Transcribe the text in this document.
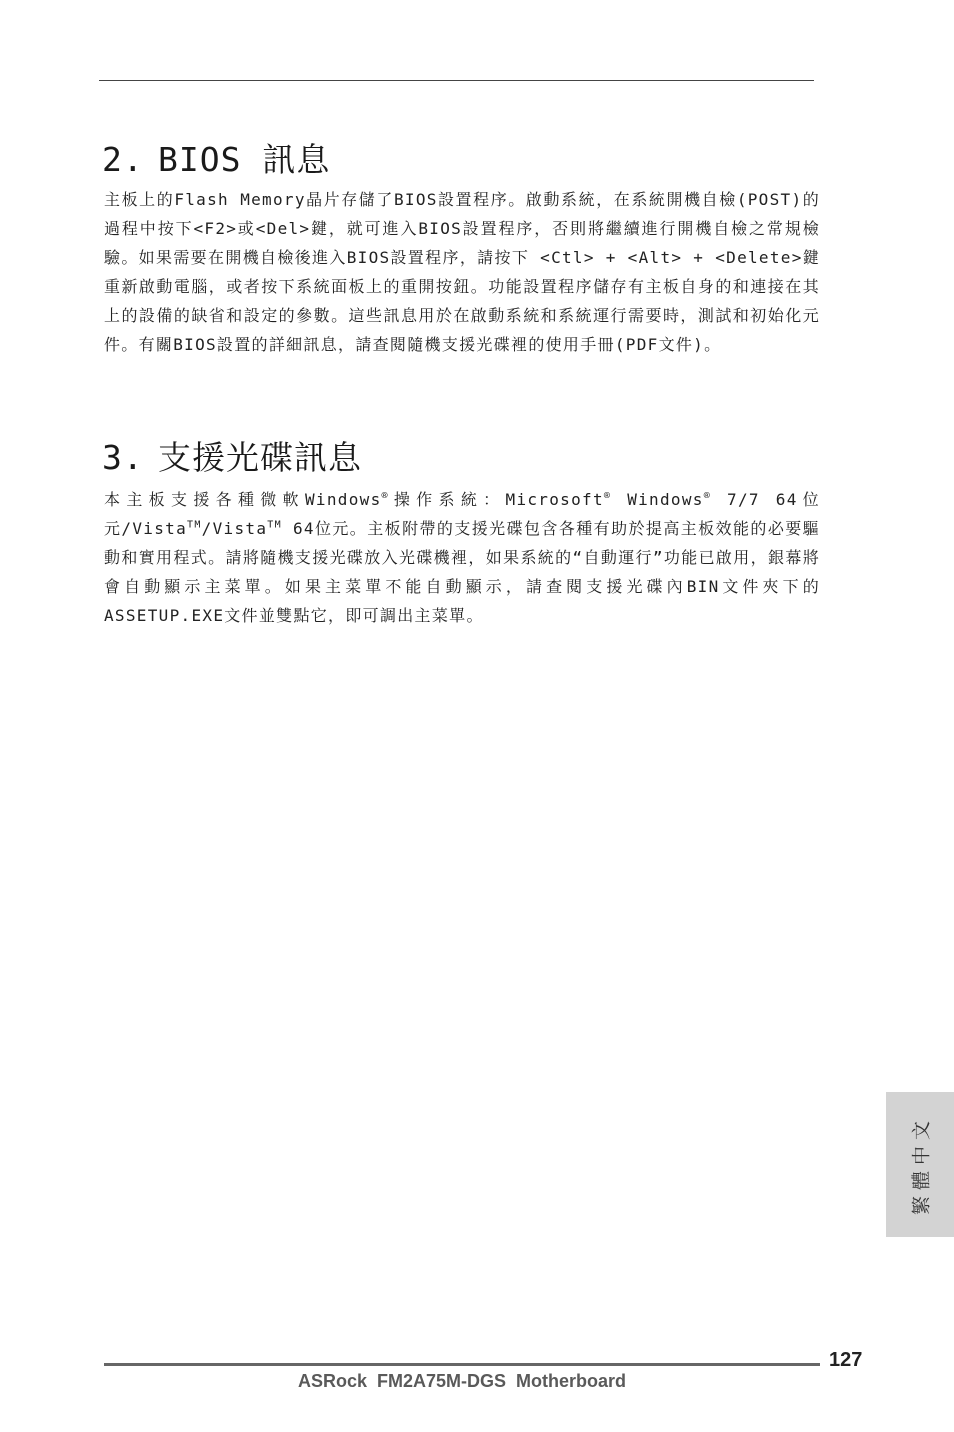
2. BIOS 訊息

主板上的Flash Memory晶片存儲了BIOS設置程序。啟動系統，在系統開機自檢(POST)的過程中按下<F2>或<Del>鍵，就可進入BIOS設置程序，否則將繼續進行開機自檢之常規檢驗。如果需要在開機自檢後進入BIOS設置程序，請按下 <Ctl> + <Alt> + <Delete>鍵重新啟動電腦，或者按下系統面板上的重開按鈕。功能設置程序儲存有主板自身的和連接在其上的設備的缺省和設定的參數。這些訊息用於在啟動系統和系統運行需要時，測試和初始化元件。有關BIOS設置的詳細訊息，請查閱隨機支援光碟裡的使用手冊(PDF文件)。

3. 支援光碟訊息

本主板支援各種微軟Windows®操作系統：Microsoft® Windows® 7/7 64位元/Vista™/Vista™ 64位元。主板附帶的支援光碟包含各種有助於提高主板效能的必要驅動和實用程式。請將隨機支援光碟放入光碟機裡，如果系統的“自動運行”功能已啟用，銀幕將會自動顯示主菜單。如果主菜單不能自動顯示，請查閱支援光碟內BIN文件夾下的ASSETUP.EXE文件並雙點它，即可調出主菜單。

繁體中文
127
ASRock  FM2A75M-DGS  Motherboard
